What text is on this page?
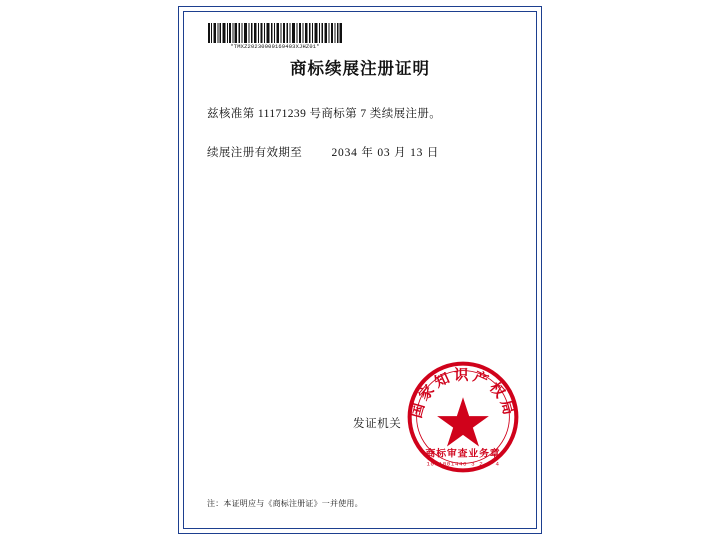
*TMXZ20230000169403XJHZ01*
商标续展注册证明
兹核准第 11171239 号商标第 7 类续展注册。
续展注册有效期至	2034 年 03 月 13 日
发证机关
国家知识产权局
商标审查业务章
1001001446 3 2 3 4
注：本证明应与《商标注册证》一并使用。
